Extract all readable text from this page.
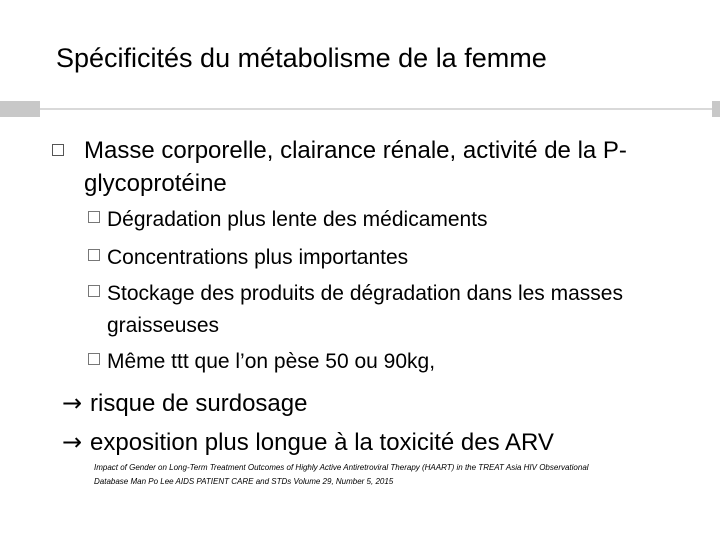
Spécificités du métabolisme de la femme
Masse corporelle, clairance rénale, activité de la P-glycoprotéine
Dégradation plus lente des médicaments
Concentrations plus importantes
Stockage des produits de dégradation dans les masses graisseuses
Même ttt que l’on pèse 50 ou 90kg,
→ risque de surdosage
→ exposition plus longue à la toxicité des ARV
Impact of Gender on Long-Term Treatment Outcomes of Highly Active Antiretroviral Therapy (HAART) in the TREAT Asia HIV Observational Database Man Po Lee AIDS PATIENT CARE and STDs Volume 29, Number 5, 2015
